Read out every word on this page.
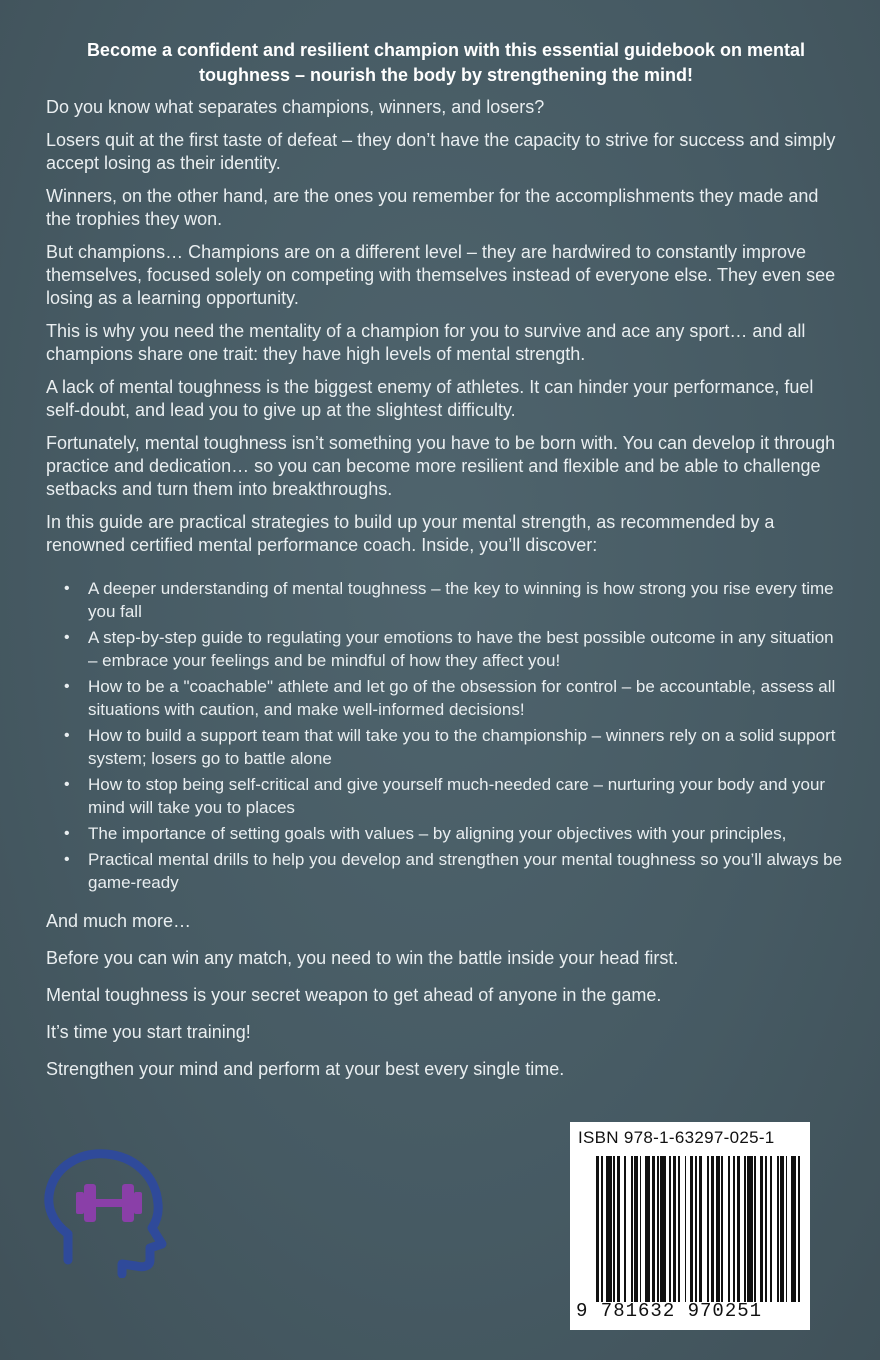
Become a confident and resilient champion with this essential guidebook on mental toughness – nourish the body by strengthening the mind!

Do you know what separates champions, winners, and losers?

Losers quit at the first taste of defeat – they don’t have the capacity to strive for success and simply accept losing as their identity.

Winners, on the other hand, are the ones you remember for the accomplishments they made and the trophies they won.

But champions… Champions are on a different level – they are hardwired to constantly improve themselves, focused solely on competing with themselves instead of everyone else. They even see losing as a learning opportunity.

This is why you need the mentality of a champion for you to survive and ace any sport… and all champions share one trait: they have high levels of mental strength.

A lack of mental toughness is the biggest enemy of athletes. It can hinder your performance, fuel self-doubt, and lead you to give up at the slightest difficulty.

Fortunately, mental toughness isn’t something you have to be born with. You can develop it through practice and dedication… so you can become more resilient and flexible and be able to challenge setbacks and turn them into breakthroughs.

In this guide are practical strategies to build up your mental strength, as recommended by a renowned certified mental performance coach. Inside, you’ll discover:

• A deeper understanding of mental toughness – the key to winning is how strong you rise every time you fall
• A step-by-step guide to regulating your emotions to have the best possible outcome in any situation – embrace your feelings and be mindful of how they affect you!
• How to be a "coachable" athlete and let go of the obsession for control – be accountable, assess all situations with caution, and make well-informed decisions!
• How to build a support team that will take you to the championship – winners rely on a solid support system; losers go to battle alone
• How to stop being self-critical and give yourself much-needed care – nurturing your body and your mind will take you to places
• The importance of setting goals with values – by aligning your objectives with your principles,
• Practical mental drills to help you develop and strengthen your mental toughness so you’ll always be game-ready

And much more…

Before you can win any match, you need to win the battle inside your head first.

Mental toughness is your secret weapon to get ahead of anyone in the game.

It’s time you start training!

Strengthen your mind and perform at your best every single time.

ISBN 978-1-63297-025-1
9 781632 970251
